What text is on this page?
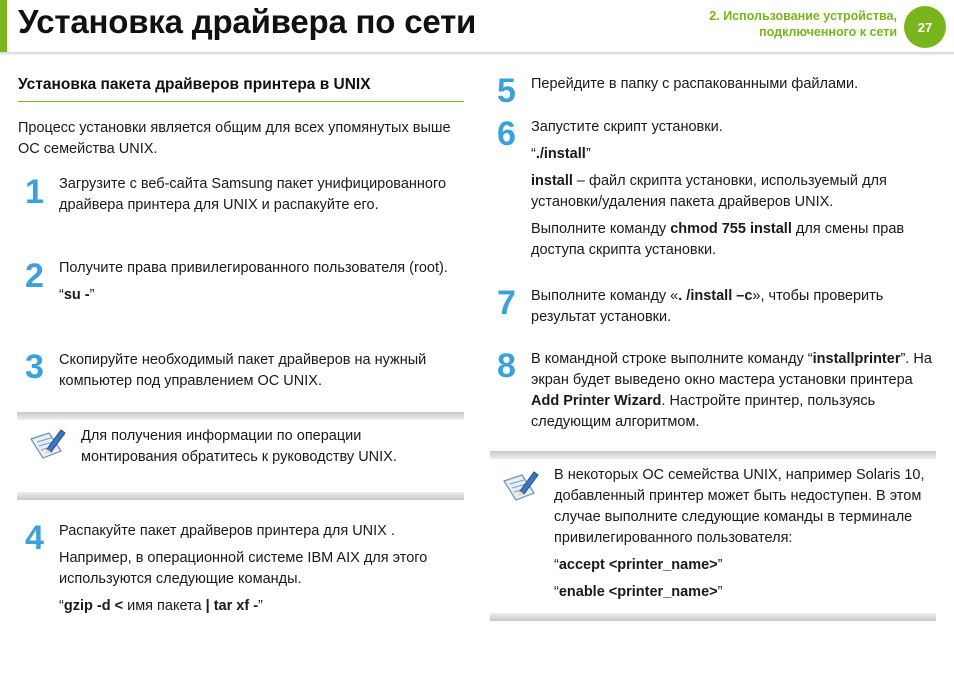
Установка драйвера по сети	2. Использование устройства,
подключенного к сети	27
Установка пакета драйверов принтера в UNIX
Процесс установки является общим для всех упомянутых выше ОС семейства UNIX.
1 Загрузите с веб-сайта Samsung пакет унифицированного драйвера принтера для UNIX и распакуйте его.
2 Получите права привилегированного пользователя (root).

“su -”

3 Скопируйте необходимый пакет драйверов на нужный компьютер под управлением ОС UNIX.
Для получения информации по операции монтирования обратитесь к руководству UNIX.
4 Распакуйте пакет драйверов принтера для UNIX .

Например, в операционной системе IBM AIX для этого используются следующие команды.

“gzip -d < имя пакета | tar xf -”

5 Перейдите в папку с распакованными файлами.
6 Запустите скрипт установки.

“./install”

install – файл скрипта установки, используемый для установки/удаления пакета драйверов UNIX.

Выполните команду chmod 755 install для смены прав доступа скрипта установки.

7 Выполните команду «. /install –c», чтобы проверить результат установки.
8 В командной строке выполните команду “installprinter”. На экран будет выведено окно мастера установки принтера Add Printer Wizard. Настройте принтер, пользуясь следующим алгоритмом.

В некоторых ОС семейства UNIX, например Solaris 10, добавленный принтер может быть недоступен. В этом случае выполните следующие команды в терминале привилегированного пользователя:

“accept <printer_name>”

“enable <printer_name>”
